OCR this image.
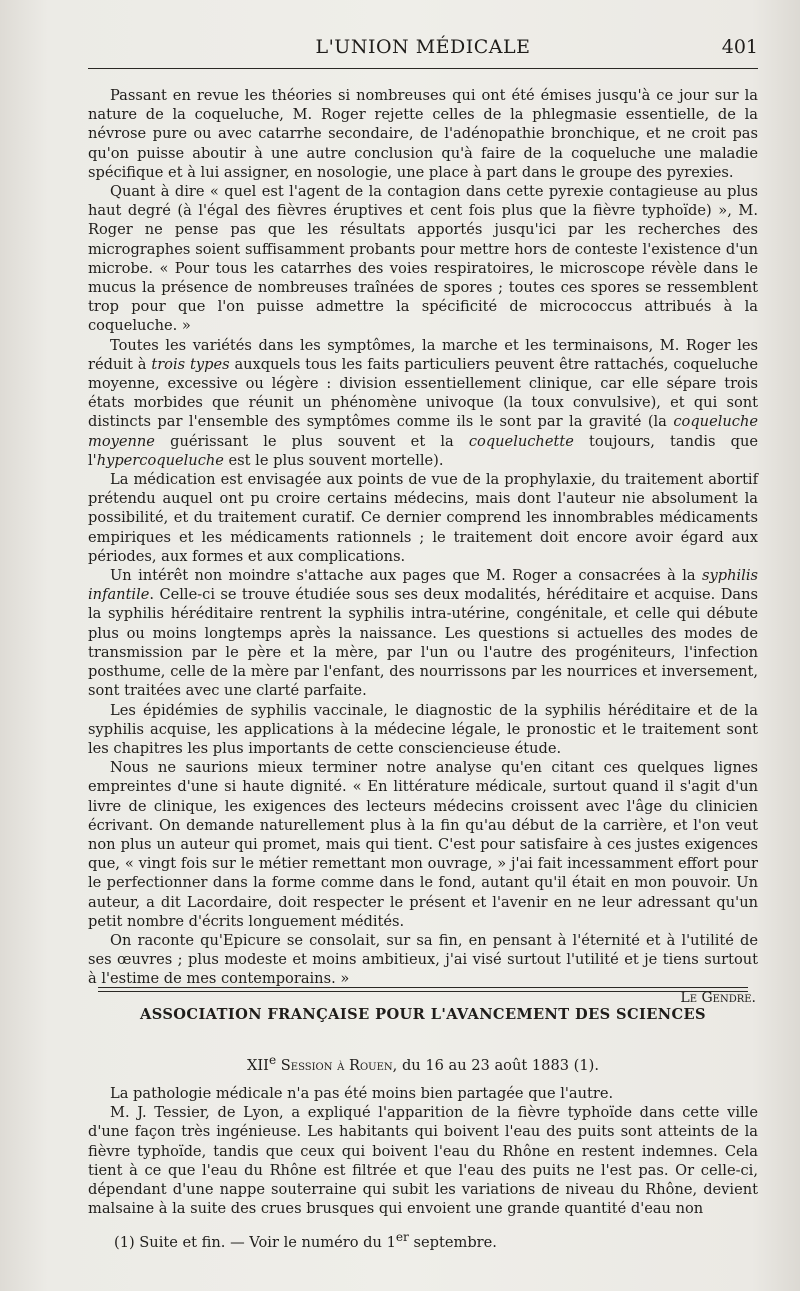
L'UNION MÉDICALE	401

Passant en revue les théories si nombreuses qui ont été émises jusqu'à ce jour sur la nature de la coqueluche, M. Roger rejette celles de la phlegmasie essentielle, de la névrose pure ou avec catarrhe secondaire, de l'adénopathie bronchique, et ne croit pas qu'on puisse aboutir à une autre conclusion qu'à faire de la coqueluche une maladie spécifique et à lui assigner, en nosologie, une place à part dans le groupe des pyrexies.

Quant à dire « quel est l'agent de la contagion dans cette pyrexie contagieuse au plus haut degré (à l'égal des fièvres éruptives et cent fois plus que la fièvre typhoïde) », M. Roger ne pense pas que les résultats apportés jusqu'ici par les recherches des micrographes soient suffisamment probants pour mettre hors de conteste l'existence d'un microbe. « Pour tous les catarrhes des voies respiratoires, le microscope révèle dans le mucus la présence de nombreuses traînées de spores ; toutes ces spores se ressemblent trop pour que l'on puisse admettre la spécificité de micrococcus attribués à la coqueluche. »

Toutes les variétés dans les symptômes, la marche et les terminaisons, M. Roger les réduit à trois types auxquels tous les faits particuliers peuvent être rattachés, coqueluche moyenne, excessive ou légère : division essentiellement clinique, car elle sépare trois états morbides que réunit un phénomène univoque (la toux convulsive), et qui sont distincts par l'ensemble des symptômes comme ils le sont par la gravité (la coqueluche moyenne guérissant le plus souvent et la coqueluchette toujours, tandis que l'hypercoqueluche est le plus souvent mortelle).

La médication est envisagée aux points de vue de la prophylaxie, du traitement abortif prétendu auquel ont pu croire certains médecins, mais dont l'auteur nie absolument la possibilité, et du traitement curatif. Ce dernier comprend les innombrables médicaments empiriques et les médicaments rationnels ; le traitement doit encore avoir égard aux périodes, aux formes et aux complications.

Un intérêt non moindre s'attache aux pages que M. Roger a consacrées à la syphilis infantile. Celle-ci se trouve étudiée sous ses deux modalités, héréditaire et acquise. Dans la syphilis héréditaire rentrent la syphilis intra-utérine, congénitale, et celle qui débute plus ou moins longtemps après la naissance. Les questions si actuelles des modes de transmission par le père et la mère, par l'un ou l'autre des progéniteurs, l'infection posthume, celle de la mère par l'enfant, des nourrissons par les nourrices et inversement, sont traitées avec une clarté parfaite.

Les épidémies de syphilis vaccinale, le diagnostic de la syphilis héréditaire et de la syphilis acquise, les applications à la médecine légale, le pronostic et le traitement sont les chapitres les plus importants de cette consciencieuse étude.

Nous ne saurions mieux terminer notre analyse qu'en citant ces quelques lignes empreintes d'une si haute dignité. « En littérature médicale, surtout quand il s'agit d'un livre de clinique, les exigences des lecteurs médecins croissent avec l'âge du clinicien écrivant. On demande naturellement plus à la fin qu'au début de la carrière, et l'on veut non plus un auteur qui promet, mais qui tient. C'est pour satisfaire à ces justes exigences que, « vingt fois sur le métier remettant mon ouvrage, » j'ai fait incessamment effort pour le perfectionner dans la forme comme dans le fond, autant qu'il était en mon pouvoir. Un auteur, a dit Lacordaire, doit respecter le présent et l'avenir en ne leur adressant qu'un petit nombre d'écrits longuement médités.

On raconte qu'Epicure se consolait, sur sa fin, en pensant à l'éternité et à l'utilité de ses œuvres ; plus modeste et moins ambitieux, j'ai visé surtout l'utilité et je tiens surtout à l'estime de mes contemporains. »

Le Gendre.

ASSOCIATION FRANÇAISE POUR L'AVANCEMENT DES SCIENCES
XIIe Session à Rouen, du 16 au 23 août 1883 (1).

La pathologie médicale n'a pas été moins bien partagée que l'autre.

M. J. Tessier, de Lyon, a expliqué l'apparition de la fièvre typhoïde dans cette ville d'une façon très ingénieuse. Les habitants qui boivent l'eau des puits sont atteints de la fièvre typhoïde, tandis que ceux qui boivent l'eau du Rhône en restent indemnes. Cela tient à ce que l'eau du Rhône est filtrée et que l'eau des puits ne l'est pas. Or celle-ci, dépendant d'une nappe souterraine qui subit les variations de niveau du Rhône, devient malsaine à la suite des crues brusques qui envoient une grande quantité d'eau non

(1) Suite et fin. — Voir le numéro du 1er septembre.
